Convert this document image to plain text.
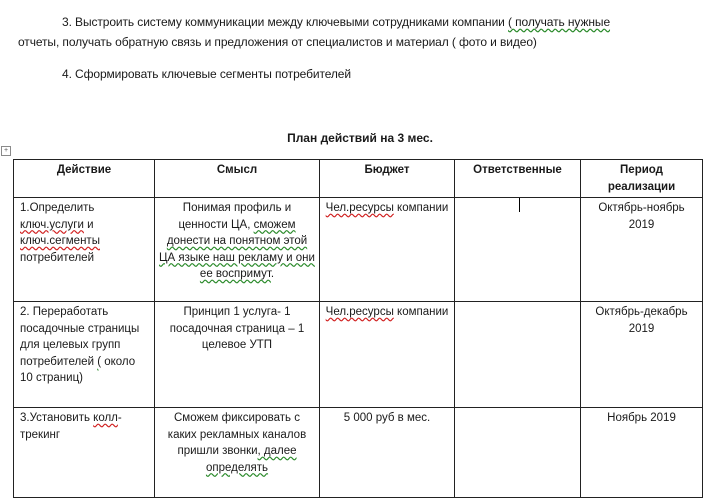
3. Выстроить систему коммуникации между ключевыми сотрудниками компании ( получать нужные
отчеты, получать обратную связь и предложения от специалистов и материал ( фото и видео)
4. Сформировать ключевые сегменты потребителей
План действий на 3 мес.
+
Действие	Смысл	Бюджет	Ответственные	Период реализации
1.Определить ключ.услуги и ключ.сегменты потребителей	Понимая профиль и ценности ЦА, сможем донести на понятном этой ЦА языке наш рекламу и они ее воспримут.	Чел.ресурсы компании		Октябрь-ноябрь 2019
2. Переработать посадочные страницы для целевых групп потребителей ( около 10 страниц)	Принцип 1 услуга- 1 посадочная страница – 1 целевое УТП	Чел.ресурсы компании		Октябрь-декабрь 2019
3.Установить колл-трекинг	Сможем фиксировать с каких рекламных каналов пришли звонки, далее определять	5 000 руб в мес.		Ноябрь 2019
